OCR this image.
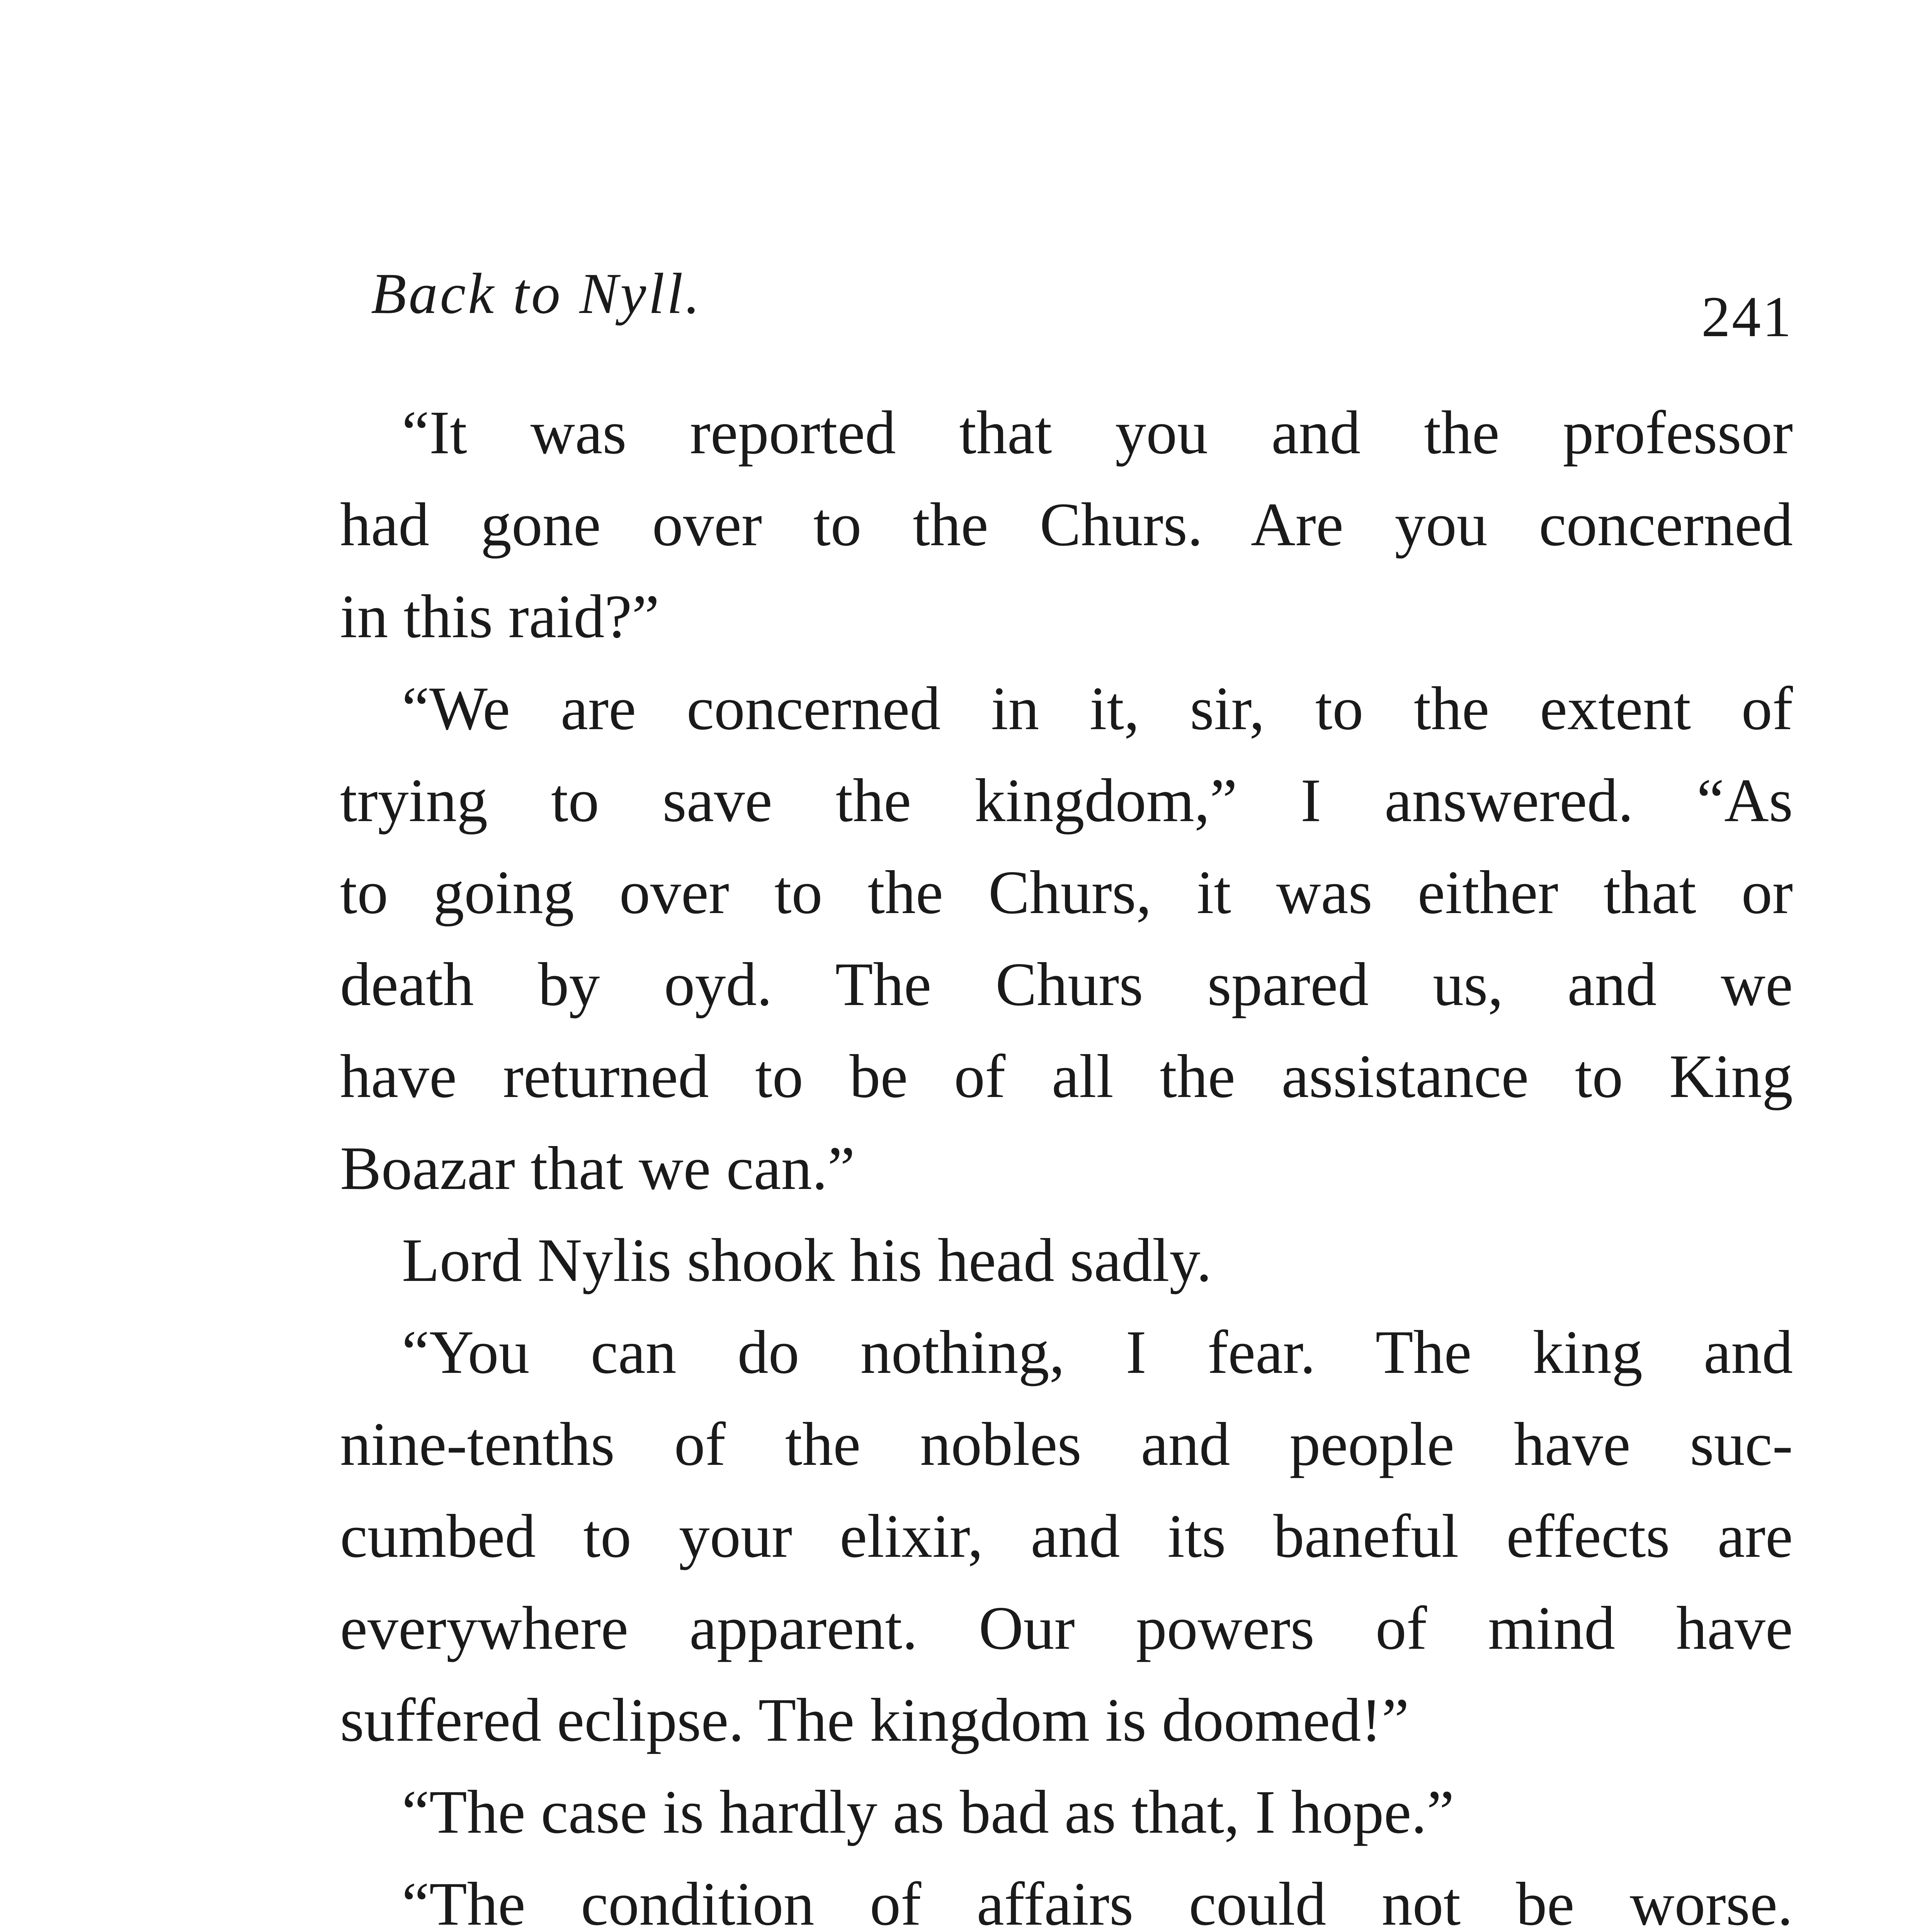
Back to Nyll.	241
“It was reported that you and the professor
had gone over to the Churs. Are you concerned
in this raid?”
“We are concerned in it, sir, to the extent of
trying to save the kingdom,” I answered. “As
to going over to the Churs, it was either that or
death by oyd. The Churs spared us, and we
have returned to be of all the assistance to King
Boazar that we can.”
Lord Nylis shook his head sadly.
“You can do nothing, I fear. The king and
nine-tenths of the nobles and people have suc-
cumbed to your elixir, and its baneful effects are
everywhere apparent. Our powers of mind have
suffered eclipse. The kingdom is doomed!”
“The case is hardly as bad as that, I hope.”
“The condition of affairs could not be worse.
